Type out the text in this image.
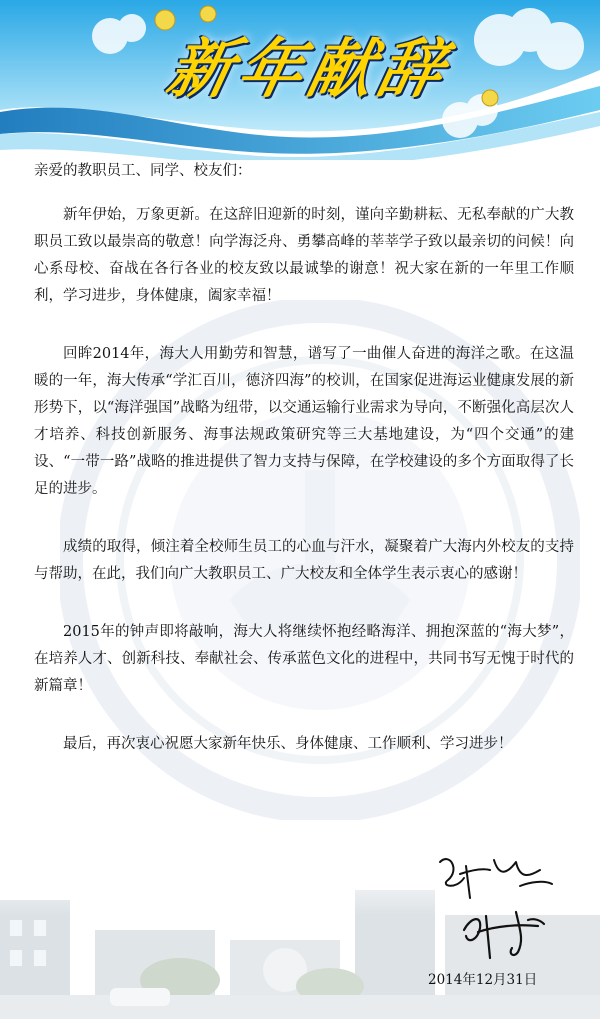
新年献辞

亲爱的教职员工、同学、校友们：

新年伊始，万象更新。在这辞旧迎新的时刻，谨向辛勤耕耘、无私奉献的广大教职员工致以最崇高的敬意！向学海泛舟、勇攀高峰的莘莘学子致以最亲切的问候！向心系母校、奋战在各行各业的校友致以最诚挚的谢意！祝大家在新的一年里工作顺利，学习进步，身体健康，阖家幸福！

回眸2014年，海大人用勤劳和智慧，谱写了一曲催人奋进的海洋之歌。在这温暖的一年，海大传承“学汇百川，德济四海”的校训，在国家促进海运业健康发展的新形势下，以“海洋强国”战略为纽带，以交通运输行业需求为导向，不断强化高层次人才培养、科技创新服务、海事法规政策研究等三大基地建设，为“四个交通”的建设、“一带一路”战略的推进提供了智力支持与保障，在学校建设的多个方面取得了长足的进步。

成绩的取得，倾注着全校师生员工的心血与汗水，凝聚着广大海内外校友的支持与帮助，在此，我们向广大教职员工、广大校友和全体学生表示衷心的感谢！

2015年的钟声即将敲响，海大人将继续怀抱经略海洋、拥抱深蓝的“海大梦”，在培养人才、创新科技、奉献社会、传承蓝色文化的进程中，共同书写无愧于时代的新篇章！

最后，再次衷心祝愿大家新年快乐、身体健康、工作顺利、学习进步！

2014年12月31日
